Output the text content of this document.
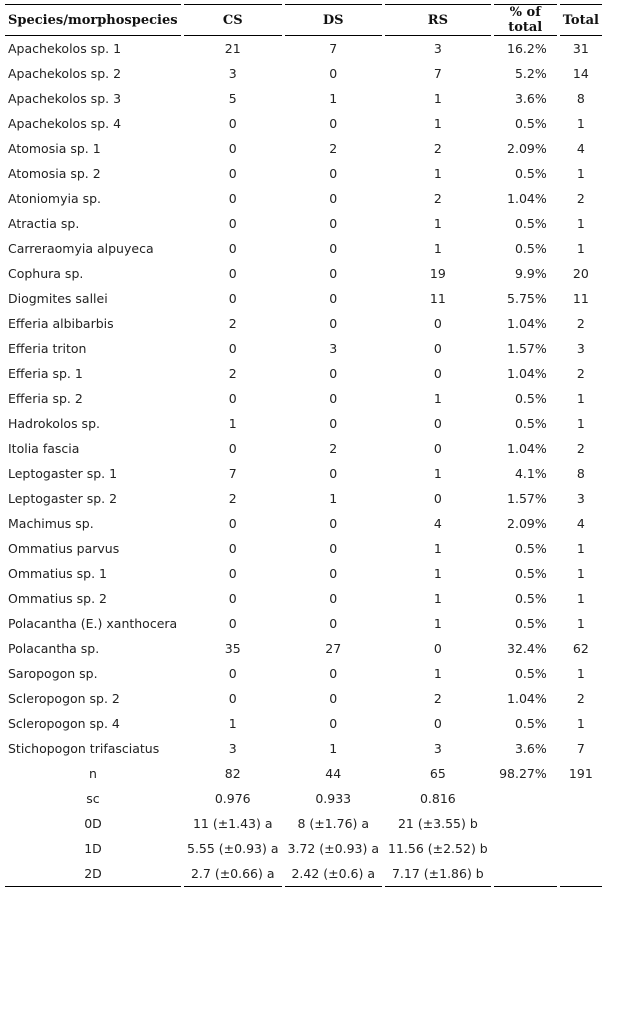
Species/morphospecies	CS	DS	RS	% of total	Total
Apachekolos sp. 1	21	7	3	16.2%	31
Apachekolos sp. 2	3	0	7	5.2%	14
Apachekolos sp. 3	5	1	1	3.6%	8
Apachekolos sp. 4	0	0	1	0.5%	1
Atomosia sp. 1	0	2	2	2.09%	4
Atomosia sp. 2	0	0	1	0.5%	1
Atoniomyia sp.	0	0	2	1.04%	2
Atractia sp.	0	0	1	0.5%	1
Carreraomyia alpuyeca	0	0	1	0.5%	1
Cophura sp.	0	0	19	9.9%	20
Diogmites sallei	0	0	11	5.75%	11
Efferia albibarbis	2	0	0	1.04%	2
Efferia triton	0	3	0	1.57%	3
Efferia sp. 1	2	0	0	1.04%	2
Efferia sp. 2	0	0	1	0.5%	1
Hadrokolos sp.	1	0	0	0.5%	1
Itolia fascia	0	2	0	1.04%	2
Leptogaster sp. 1	7	0	1	4.1%	8
Leptogaster sp. 2	2	1	0	1.57%	3
Machimus sp.	0	0	4	2.09%	4
Ommatius parvus	0	0	1	0.5%	1
Ommatius sp. 1	0	0	1	0.5%	1
Ommatius sp. 2	0	0	1	0.5%	1
Polacantha (E.) xanthocera	0	0	1	0.5%	1
Polacantha sp.	35	27	0	32.4%	62
Saropogon sp.	0	0	1	0.5%	1
Scleropogon sp. 2	0	0	2	1.04%	2
Scleropogon sp. 4	1	0	0	0.5%	1
Stichopogon trifasciatus	3	1	3	3.6%	7
n	82	44	65	98.27%	191
sc	0.976	0.933	0.816		
0D	11 (±1.43) a	8 (±1.76) a	21 (±3.55) b		
1D	5.55 (±0.93) a	3.72 (±0.93) a	11.56 (±2.52) b		
2D	2.7 (±0.66) a	2.42 (±0.6) a	7.17 (±1.86) b		
